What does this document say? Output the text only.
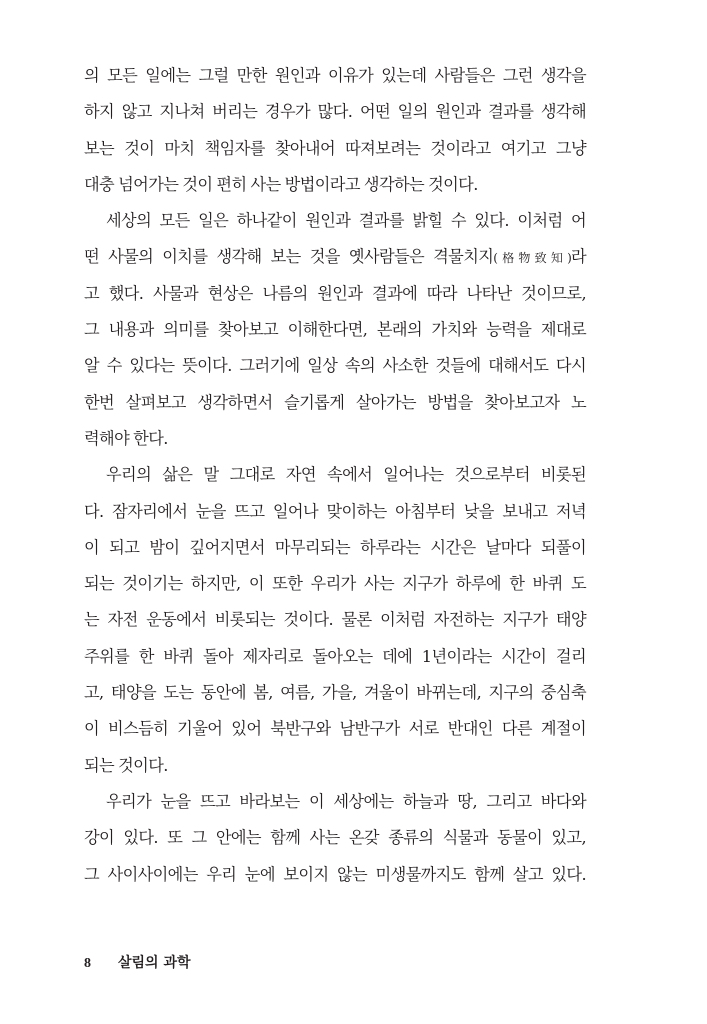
의 모든 일에는 그럴 만한 원인과 이유가 있는데 사람들은 그런 생각을
하지 않고 지나쳐 버리는 경우가 많다. 어떤 일의 원인과 결과를 생각해
보는 것이 마치 책임자를 찾아내어 따져보려는 것이라고 여기고 그냥
대충 넘어가는 것이 편히 사는 방법이라고 생각하는 것이다.
세상의 모든 일은 하나같이 원인과 결과를 밝힐 수 있다. 이처럼 어
떤 사물의 이치를 생각해 보는 것을 옛사람들은 격물치지(格物致知)라
고 했다. 사물과 현상은 나름의 원인과 결과에 따라 나타난 것이므로,
그 내용과 의미를 찾아보고 이해한다면, 본래의 가치와 능력을 제대로
알 수 있다는 뜻이다. 그러기에 일상 속의 사소한 것들에 대해서도 다시
한번 살펴보고 생각하면서 슬기롭게 살아가는 방법을 찾아보고자 노
력해야 한다.
우리의 삶은 말 그대로 자연 속에서 일어나는 것으로부터 비롯된
다. 잠자리에서 눈을 뜨고 일어나 맞이하는 아침부터 낮을 보내고 저녁
이 되고 밤이 깊어지면서 마무리되는 하루라는 시간은 날마다 되풀이
되는 것이기는 하지만, 이 또한 우리가 사는 지구가 하루에 한 바퀴 도
는 자전 운동에서 비롯되는 것이다. 물론 이처럼 자전하는 지구가 태양
주위를 한 바퀴 돌아 제자리로 돌아오는 데에 1년이라는 시간이 걸리
고, 태양을 도는 동안에 봄, 여름, 가을, 겨울이 바뀌는데, 지구의 중심축
이 비스듬히 기울어 있어 북반구와 남반구가 서로 반대인 다른 계절이
되는 것이다.
우리가 눈을 뜨고 바라보는 이 세상에는 하늘과 땅, 그리고 바다와
강이 있다. 또 그 안에는 함께 사는 온갖 종류의 식물과 동물이 있고,
그 사이사이에는 우리 눈에 보이지 않는 미생물까지도 함께 살고 있다.
8 살림의 과학
